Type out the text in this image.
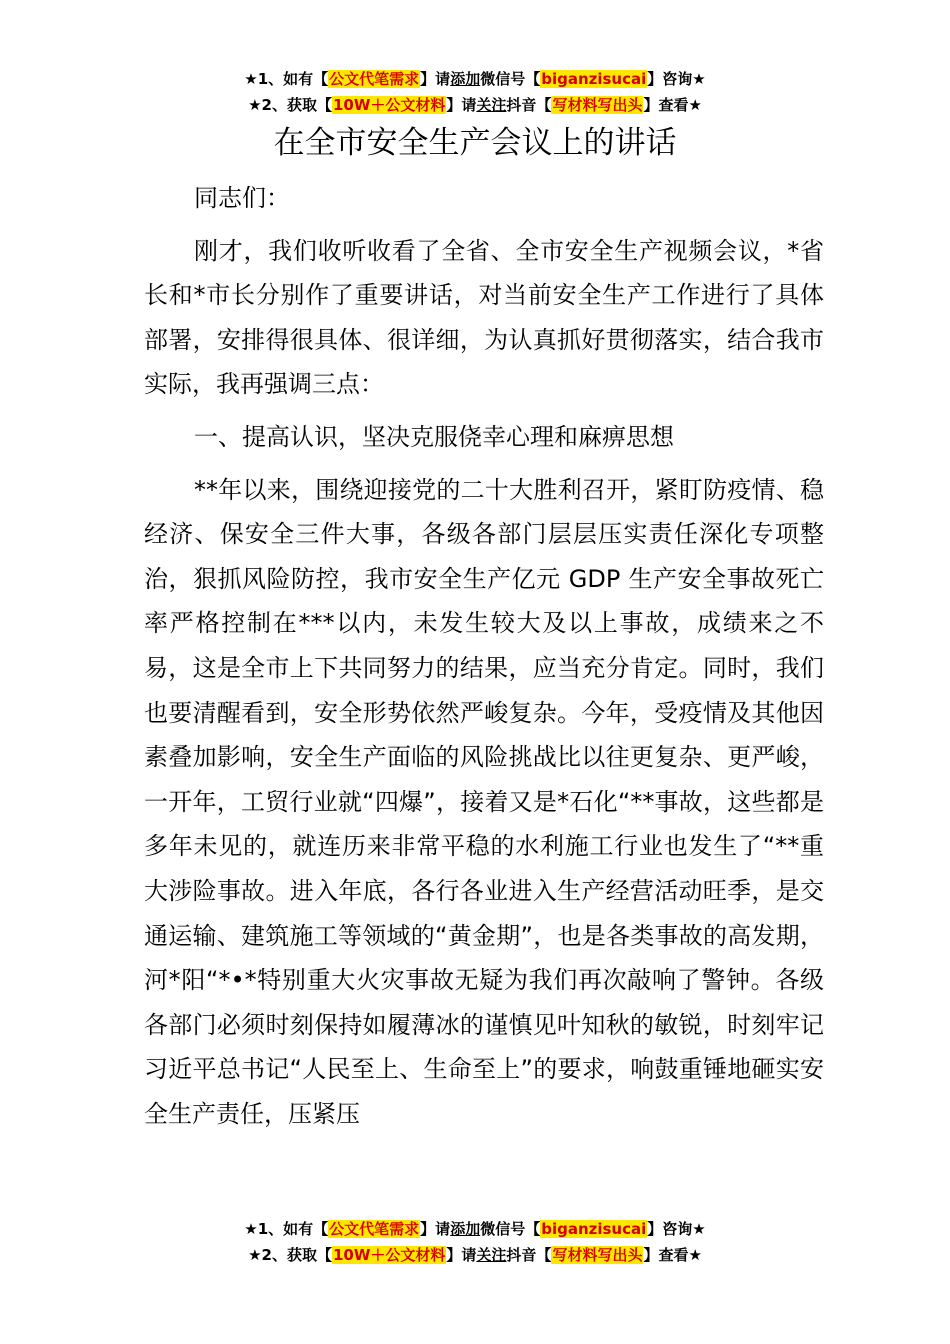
★1、如有【公文代笔需求】请添加微信号【biganzisucai】咨询★
★2、获取【10W＋公文材料】请关注抖音【写材料写出头】查看★
在全市安全生产会议上的讲话

同志们：

刚才，我们收听收看了全省、全市安全生产视频会议，*省长和*市长分别作了重要讲话，对当前安全生产工作进行了具体部署，安排得很具体、很详细，为认真抓好贯彻落实，结合我市实际，我再强调三点：

一、提高认识，坚决克服侥幸心理和麻痹思想

**年以来，围绕迎接党的二十大胜利召开，紧盯防疫情、稳经济、保安全三件大事，各级各部门层层压实责任深化专项整治，狠抓风险防控，我市安全生产亿元 GDP 生产安全事故死亡率严格控制在***以内，未发生较大及以上事故，成绩来之不易，这是全市上下共同努力的结果，应当充分肯定。同时，我们也要清醒看到，安全形势依然严峻复杂。今年，受疫情及其他因素叠加影响，安全生产面临的风险挑战比以往更复杂、更严峻，一开年，工贸行业就“四爆”，接着又是*石化“**事故，这些都是多年未见的，就连历来非常平稳的水利施工行业也发生了“**重大涉险事故。进入年底，各行各业进入生产经营活动旺季，是交通运输、建筑施工等领域的“黄金期”，也是各类事故的高发期，河*阳“*•*特别重大火灾事故无疑为我们再次敲响了警钟。各级各部门必须时刻保持如履薄冰的谨慎见叶知秋的敏锐，时刻牢记习近平总书记“人民至上、生命至上”的要求，响鼓重锤地砸实安全生产责任，压紧压

★1、如有【公文代笔需求】请添加微信号【biganzisucai】咨询★
★2、获取【10W＋公文材料】请关注抖音【写材料写出头】查看★
